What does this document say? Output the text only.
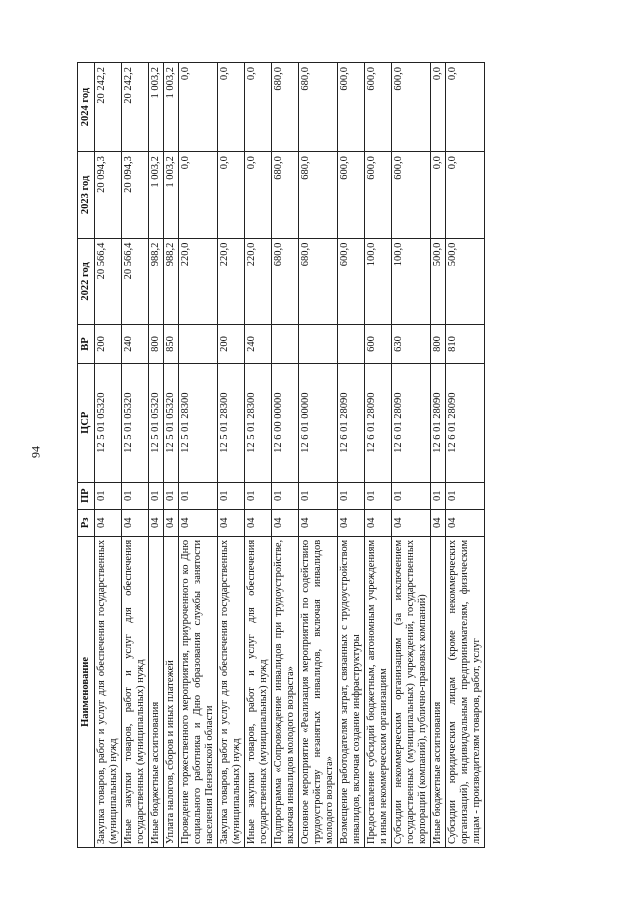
94
Наименование	Рз	ПР	ЦСР	ВР	2022 год	2023 год	2024 год
Закупка товаров, работ и услуг для обеспечения государственных (муниципальных) нужд	04	01	12 5 01 05320	200	20 566,4	20 094,3	20 242,2
Иные закупки товаров, работ и услуг для обеспечения государственных (муниципальных) нужд	04	01	12 5 01 05320	240	20 566,4	20 094,3	20 242,2
Иные бюджетные ассигнования	04	01	12 5 01 05320	800	988,2	1 003,2	1 003,2
Уплата налогов, сборов и иных платежей	04	01	12 5 01 05320	850	988,2	1 003,2	1 003,2
Проведение торжественного мероприятия, приуроченного ко Дню социального работника и Дню образования службы занятости населения Пензенской области	04	01	12 5 01 28300		220,0	0,0	0,0
Закупка товаров, работ и услуг для обеспечения государственных (муниципальных) нужд	04	01	12 5 01 28300	200	220,0	0,0	0,0
Иные закупки товаров, работ и услуг для обеспечения государственных (муниципальных) нужд	04	01	12 5 01 28300	240	220,0	0,0	0,0
Подпрограмма «Сопровождение инвалидов при трудоустройстве, включая инвалидов молодого возраста»	04	01	12 6 00 00000		680,0	680,0	680,0
Основное мероприятие «Реализация мероприятий по содействию трудоустройству незанятых инвалидов, включая инвалидов молодого возраста»	04	01	12 6 01 00000		680,0	680,0	680,0
Возмещение работодателям затрат, связанных с трудоустройством инвалидов, включая создание инфраструктуры	04	01	12 6 01 28090		600,0	600,0	600,0
Предоставление субсидий бюджетным, автономным учреждениям и иным некоммерческим организациям	04	01	12 6 01 28090	600	100,0	600,0	600,0
Субсидии некоммерческим организациям (за исключением государственных (муниципальных) учреждений, государственных корпораций (компаний), публично-правовых компаний)	04	01	12 6 01 28090	630	100,0	600,0	600,0
Иные бюджетные ассигнования	04	01	12 6 01 28090	800	500,0	0,0	0,0
Субсидии юридическим лицам (кроме некоммерческих организаций), индивидуальным предпринимателям, физическим лицам - производителям товаров, работ, услуг	04	01	12 6 01 28090	810	500,0	0,0	0,0
